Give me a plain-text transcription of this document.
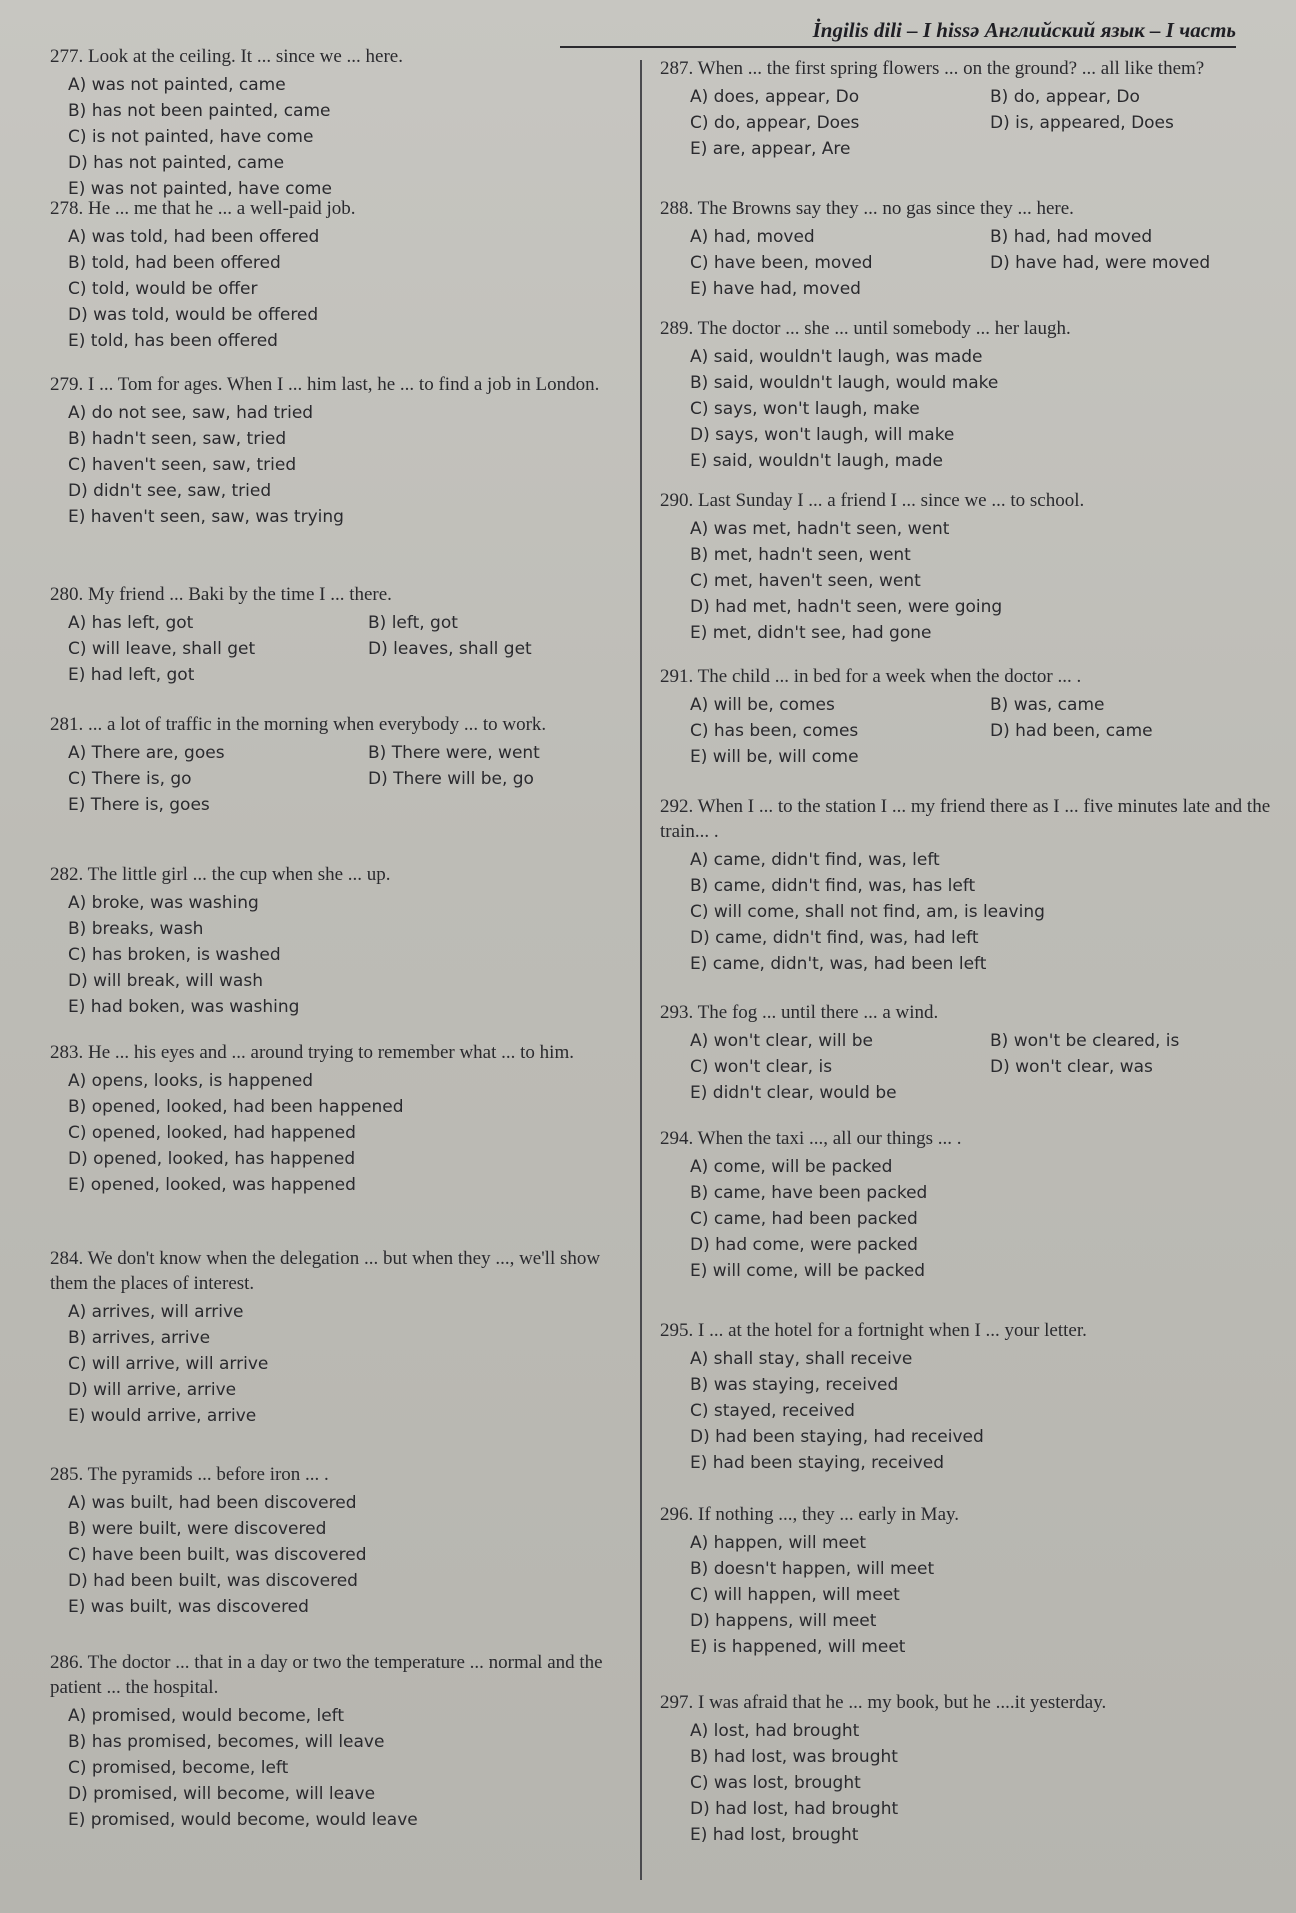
İngilis dili – I hissə Английский язык – I часть
277. Look at the ceiling. It ... since we ... here.
A) was not painted, came
B) has not been painted, came
C) is not painted, have come
D) has not painted, came
E) was not painted, have come
278. He ... me that he ... a well-paid job.
A) was told, had been offered
B) told, had been offered
C) told, would be offer
D) was told, would be offered
E) told, has been offered
279. I ... Tom for ages. When I ... him last, he ... to find a job in London.
A) do not see, saw, had tried
B) hadn't seen, saw, tried
C) haven't seen, saw, tried
D) didn't see, saw, tried
E) haven't seen, saw, was trying
280. My friend ... Baki by the time I ... there.
A) has left, got	B) left, got
C) will leave, shall get	D) leaves, shall get
E) had left, got
281. ... a lot of traffic in the morning when everybody ... to work.
A) There are, goes	B) There were, went
C) There is, go	D) There will be, go
E) There is, goes
282. The little girl ... the cup when she ... up.
A) broke, was washing
B) breaks, wash
C) has broken, is washed
D) will break, will wash
E) had boken, was washing
283. He ... his eyes and ... around trying to remember what ... to him.
A) opens, looks, is happened
B) opened, looked, had been happened
C) opened, looked, had happened
D) opened, looked, has happened
E) opened, looked, was happened
284. We don't know when the delegation ... but when they ..., we'll show them the places of interest.
A) arrives, will arrive
B) arrives, arrive
C) will arrive, will arrive
D) will arrive, arrive
E) would arrive, arrive
285. The pyramids ... before iron ... .
A) was built, had been discovered
B) were built, were discovered
C) have been built, was discovered
D) had been built, was discovered
E) was built, was discovered
286. The doctor ... that in a day or two the temperature ... normal and the patient ... the hospital.
A) promised, would become, left
B) has promised, becomes, will leave
C) promised, become, left
D) promised, will become, will leave
E) promised, would become, would leave
287. When ... the first spring flowers ... on the ground? ... all like them?
A) does, appear, Do	B) do, appear, Do
C) do, appear, Does	D) is, appeared, Does
E) are, appear, Are
288. The Browns say they ... no gas since they ... here.
A) had, moved	B) had, had moved
C) have been, moved	D) have had, were moved
E) have had, moved
289. The doctor ... she ... until somebody ... her laugh.
A) said, wouldn't laugh, was made
B) said, wouldn't laugh, would make
C) says, won't laugh, make
D) says, won't laugh, will make
E) said, wouldn't laugh, made
290. Last Sunday I ... a friend I ... since we ... to school.
A) was met, hadn't seen, went
B) met, hadn't seen, went
C) met, haven't seen, went
D) had met, hadn't seen, were going
E) met, didn't see, had gone
291. The child ... in bed for a week when the doctor ... .
A) will be, comes	B) was, came
C) has been, comes	D) had been, came
E) will be, will come
292. When I ... to the station I ... my friend there as I ... five minutes late and the train... .
A) came, didn't find, was, left
B) came, didn't find, was, has left
C) will come, shall not find, am, is leaving
D) came, didn't find, was, had left
E) came, didn't, was, had been left
293. The fog ... until there ... a wind.
A) won't clear, will be	B) won't be cleared, is
C) won't clear, is	D) won't clear, was
E) didn't clear, would be
294. When the taxi ..., all our things ... .
A) come, will be packed
B) came, have been packed
C) came, had been packed
D) had come, were packed
E) will come, will be packed
295. I ... at the hotel for a fortnight when I ... your letter.
A) shall stay, shall receive
B) was staying, received
C) stayed, received
D) had been staying, had received
E) had been staying, received
296. If nothing ..., they ... early in May.
A) happen, will meet
B) doesn't happen, will meet
C) will happen, will meet
D) happens, will meet
E) is happened, will meet
297. I was afraid that he ... my book, but he ....it yesterday.
A) lost, had brought
B) had lost, was brought
C) was lost, brought
D) had lost, had brought
E) had lost, brought
